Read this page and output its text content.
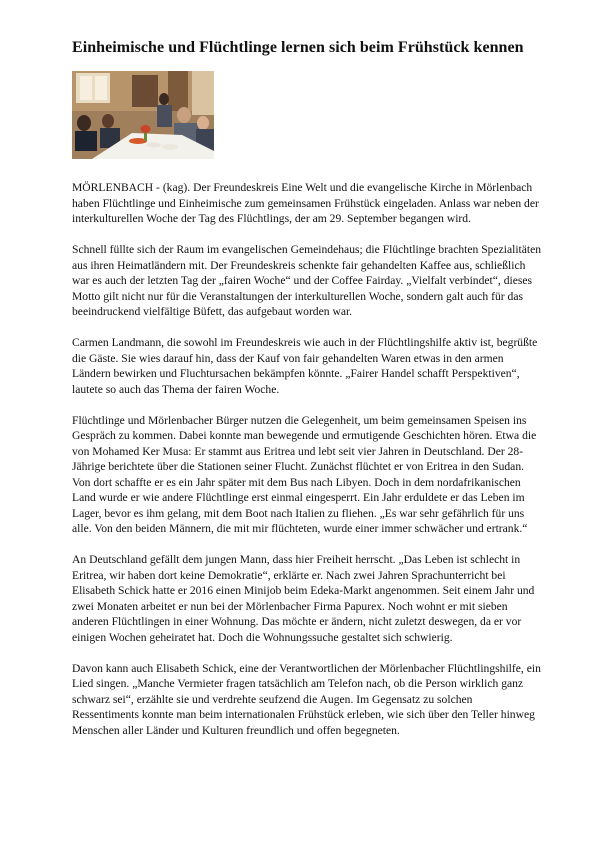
Einheimische und Flüchtlinge lernen sich beim Frühstück kennen

MÖRLENBACH - (kag). Der Freundeskreis Eine Welt und die evangelische Kirche in Mörlenbach haben Flüchtlinge und Einheimische zum gemeinsamen Frühstück eingeladen. Anlass war neben der interkulturellen Woche der Tag des Flüchtlings, der am 29. September begangen wird.

Schnell füllte sich der Raum im evangelischen Gemeindehaus; die Flüchtlinge brachten Spezialitäten aus ihren Heimatländern mit. Der Freundeskreis schenkte fair gehandelten Kaffee aus, schließlich war es auch der letzten Tag der „fairen Woche“ und der Coffee Fairday. „Vielfalt verbindet“, dieses Motto gilt nicht nur für die Veranstaltungen der interkulturellen Woche, sondern galt auch für das beeindruckend vielfältige Büfett, das aufgebaut worden war.

Carmen Landmann, die sowohl im Freundeskreis wie auch in der Flüchtlingshilfe aktiv ist, begrüßte die Gäste. Sie wies darauf hin, dass der Kauf von fair gehandelten Waren etwas in den armen Ländern bewirken und Fluchtursachen bekämpfen könnte. „Fairer Handel schafft Perspektiven“, lautete so auch das Thema der fairen Woche.

Flüchtlinge und Mörlenbacher Bürger nutzen die Gelegenheit, um beim gemeinsamen Speisen ins Gespräch zu kommen. Dabei konnte man bewegende und ermutigende Geschichten hören. Etwa die von Mohamed Ker Musa: Er stammt aus Eritrea und lebt seit vier Jahren in Deutschland. Der 28-Jährige berichtete über die Stationen seiner Flucht. Zunächst flüchtet er von Eritrea in den Sudan. Von dort schaffte er es ein Jahr später mit dem Bus nach Libyen. Doch in dem nordafrikanischen Land wurde er wie andere Flüchtlinge erst einmal eingesperrt. Ein Jahr erduldete er das Leben im Lager, bevor es ihm gelang, mit dem Boot nach Italien zu fliehen. „Es war sehr gefährlich für uns alle. Von den beiden Männern, die mit mir flüchteten, wurde einer immer schwächer und ertrank.“

An Deutschland gefällt dem jungen Mann, dass hier Freiheit herrscht. „Das Leben ist schlecht in Eritrea, wir haben dort keine Demokratie“, erklärte er. Nach zwei Jahren Sprachunterricht bei Elisabeth Schick hatte er 2016 einen Minijob beim Edeka-Markt angenommen. Seit einem Jahr und zwei Monaten arbeitet er nun bei der Mörlenbacher Firma Papurex. Noch wohnt er mit sieben anderen Flüchtlingen in einer Wohnung. Das möchte er ändern, nicht zuletzt deswegen, da er vor einigen Wochen geheiratet hat. Doch die Wohnungssuche gestaltet sich schwierig.

Davon kann auch Elisabeth Schick, eine der Verantwortlichen der Mörlenbacher Flüchtlingshilfe, ein Lied singen. „Manche Vermieter fragen tatsächlich am Telefon nach, ob die Person wirklich ganz schwarz sei“, erzählte sie und verdrehte seufzend die Augen. Im Gegensatz zu solchen Ressentiments konnte man beim internationalen Frühstück erleben, wie sich über den Teller hinweg Menschen aller Länder und Kulturen freundlich und offen begegneten.
